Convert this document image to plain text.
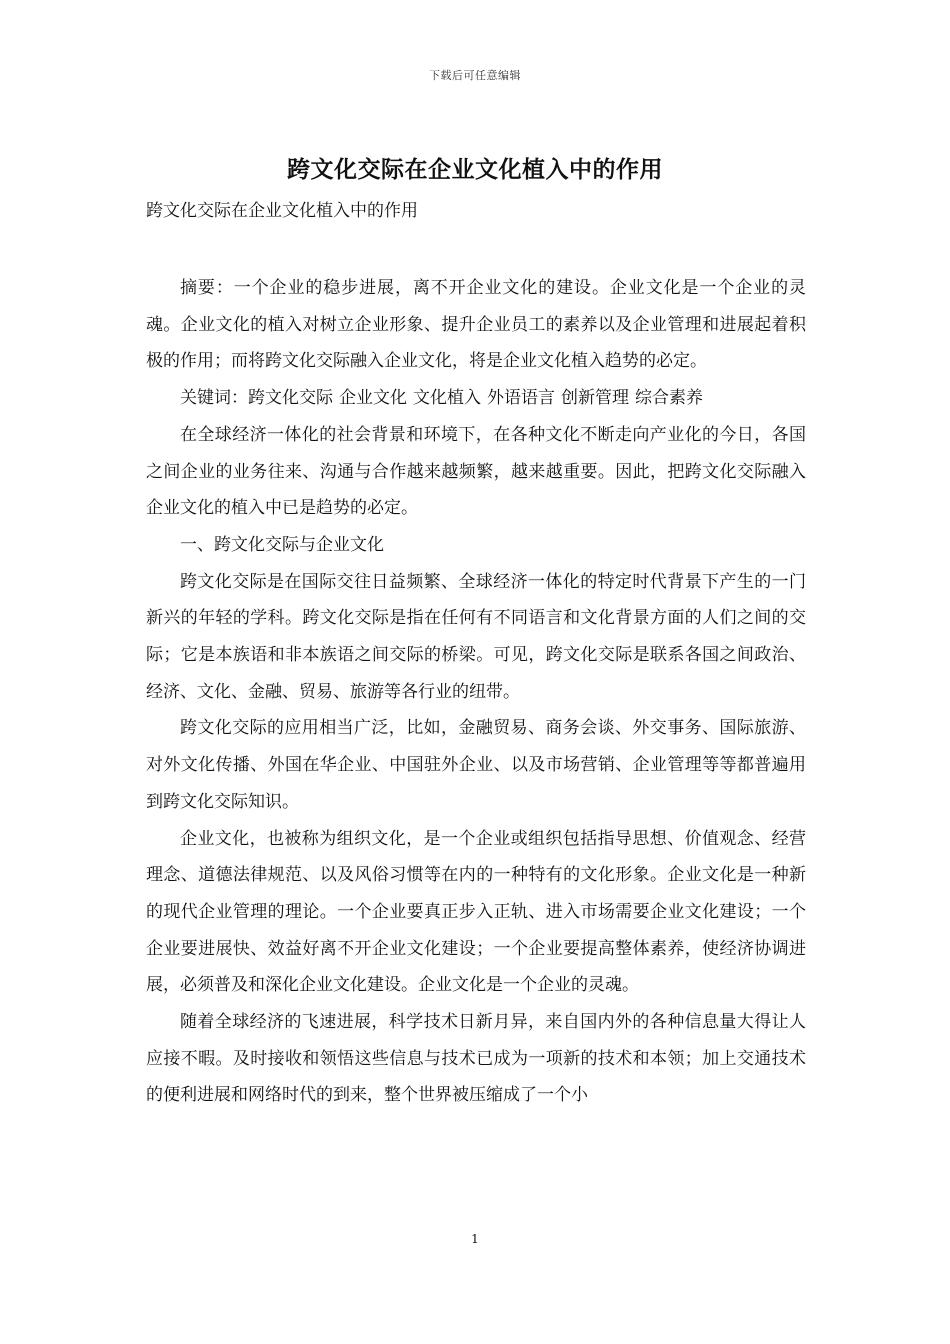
下载后可任意编辑
跨文化交际在企业文化植入中的作用
跨文化交际在企业文化植入中的作用

摘要：一个企业的稳步进展，离不开企业文化的建设。企业文化是一个企业的灵魂。企业文化的植入对树立企业形象、提升企业员工的素养以及企业管理和进展起着积极的作用；而将跨文化交际融入企业文化，将是企业文化植入趋势的必定。

关键词：跨文化交际 企业文化 文化植入 外语语言 创新管理 综合素养

在全球经济一体化的社会背景和环境下，在各种文化不断走向产业化的今日，各国之间企业的业务往来、沟通与合作越来越频繁，越来越重要。因此，把跨文化交际融入企业文化的植入中已是趋势的必定。

一、跨文化交际与企业文化

跨文化交际是在国际交往日益频繁、全球经济一体化的特定时代背景下产生的一门新兴的年轻的学科。跨文化交际是指在任何有不同语言和文化背景方面的人们之间的交际；它是本族语和非本族语之间交际的桥梁。可见，跨文化交际是联系各国之间政治、经济、文化、金融、贸易、旅游等各行业的纽带。

跨文化交际的应用相当广泛，比如，金融贸易、商务会谈、外交事务、国际旅游、对外文化传播、外国在华企业、中国驻外企业、以及市场营销、企业管理等等都普遍用到跨文化交际知识。

企业文化，也被称为组织文化，是一个企业或组织包括指导思想、价值观念、经营理念、道德法律规范、以及风俗习惯等在内的一种特有的文化形象。企业文化是一种新的现代企业管理的理论。一个企业要真正步入正轨、进入市场需要企业文化建设；一个企业要进展快、效益好离不开企业文化建设；一个企业要提高整体素养，使经济协调进展，必须普及和深化企业文化建设。企业文化是一个企业的灵魂。

随着全球经济的飞速进展，科学技术日新月异，来自国内外的各种信息量大得让人应接不暇。及时接收和领悟这些信息与技术已成为一项新的技术和本领；加上交通技术的便利进展和网络时代的到来，整个世界被压缩成了一个小

1
